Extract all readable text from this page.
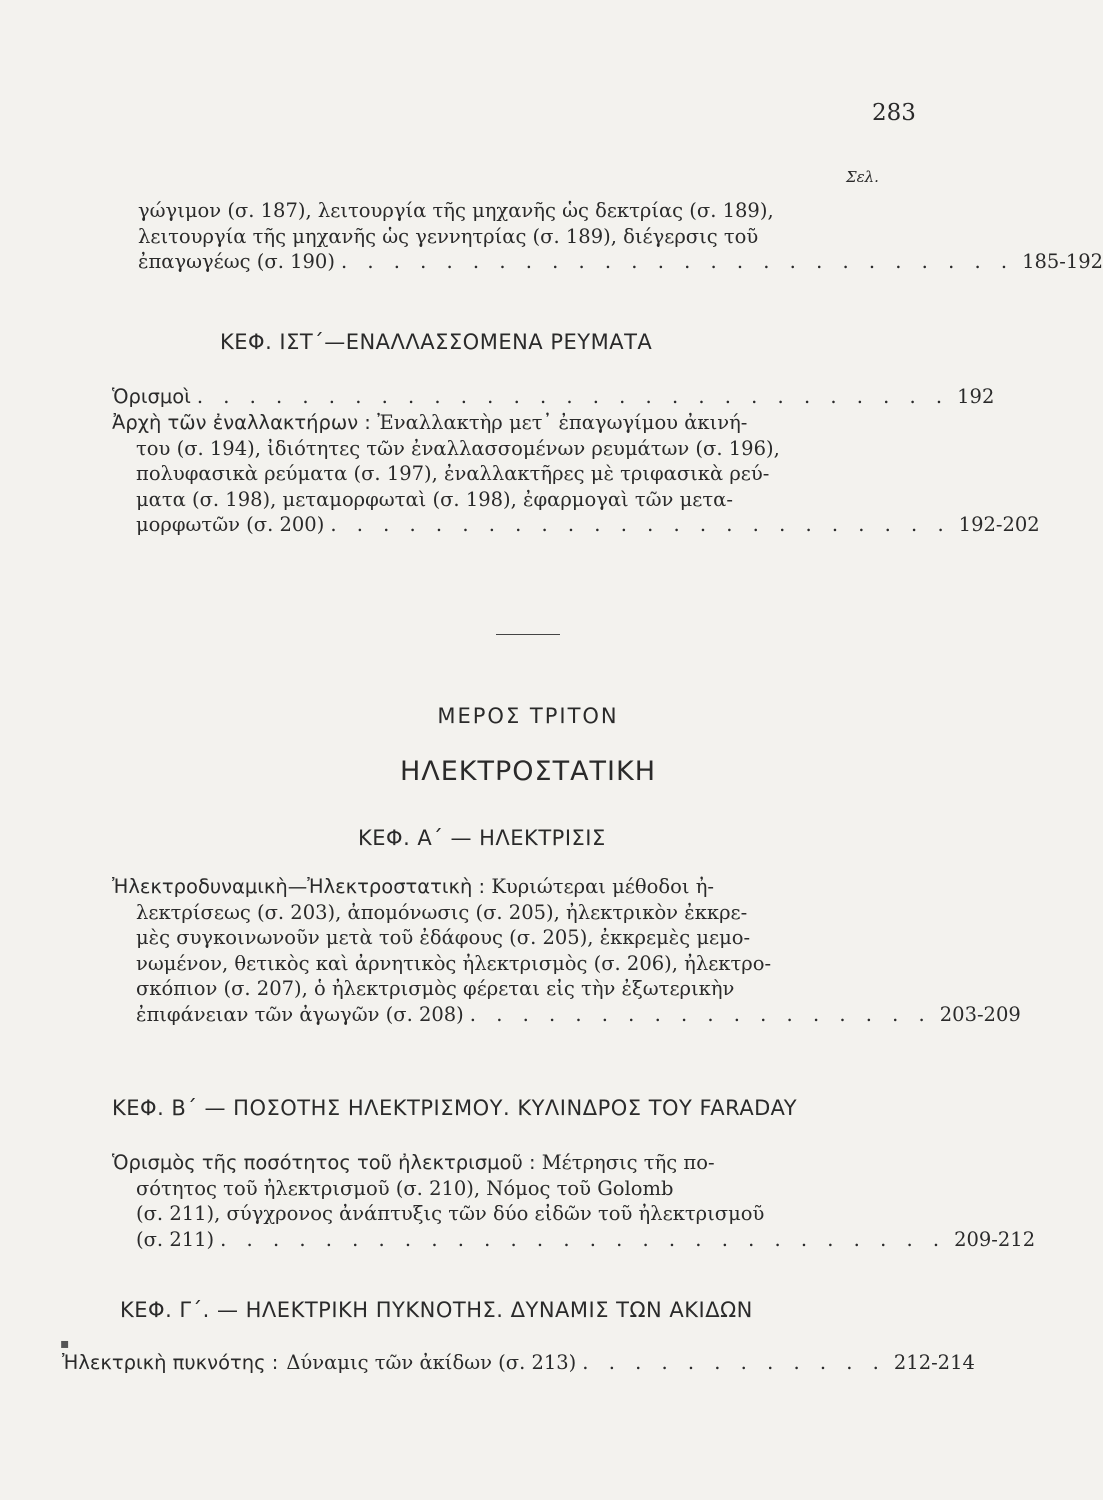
283
Σελ.
γώγιμον (σ. 187), λειτουργία τῆς μηχανῆς ὡς δεκτρίας (σ. 189),
λειτουργία τῆς μηχανῆς ὡς γεννητρίας (σ. 189), διέγερσις τοῦ
ἐπαγωγέως (σ. 190) . . . . . . . . . . . . . . . . . . . . . . . . . . 185-192
ΚΕΦ. ΙΣΤ΄—ΕΝΑΛΛΑΣΣΟΜΕΝΑ ΡΕΥΜΑΤΑ
Ὁρισμοὶ . . . . . . . . . . . . . . . . . . . . . . . . . . . . . 192
Ἀρχὴ τῶν ἐναλλακτήρων : Ἐναλλακτὴρ μετ᾽ ἐπαγωγίμου ἀκινή-
του (σ. 194), ἰδιότητες τῶν ἐναλλασσομένων ρευμάτων (σ. 196),
πολυφασικὰ ρεύματα (σ. 197), ἐναλλακτῆρες μὲ τριφασικὰ ρεύ-
ματα (σ. 198), μεταμορφωταὶ (σ. 198), ἐφαρμογαὶ τῶν μετα-
μορφωτῶν (σ. 200) . . . . . . . . . . . . . . . . . . . . . . . . 192-202
ΜΕΡΟΣ ΤΡΙΤΟΝ
ΗΛΕΚΤΡΟΣΤΑΤΙΚΗ
ΚΕΦ. Α΄ — ΗΛΕΚΤΡΙΣΙΣ
Ἠλεκτροδυναμικὴ—Ἠλεκτροστατικὴ : Κυριώτεραι μέθοδοι ἠ-
λεκτρίσεως (σ. 203), ἀπομόνωσις (σ. 205), ἠλεκτρικὸν ἐκκρε-
μὲς συγκοινωνοῦν μετὰ τοῦ ἐδάφους (σ. 205), ἐκκρεμὲς μεμο-
νωμένον, θετικὸς καὶ ἀρνητικὸς ἠλεκτρισμὸς (σ. 206), ἠλεκτρο-
σκόπιον (σ. 207), ὁ ἠλεκτρισμὸς φέρεται εἰς τὴν ἐξωτερικὴν
ἐπιφάνειαν τῶν ἀγωγῶν (σ. 208) . . . . . . . . . . . . . . . . . . 203-209
ΚΕΦ. Β΄ — ΠΟΣΟΤΗΣ ΗΛΕΚΤΡΙΣΜΟΥ. ΚΥΛΙΝΔΡΟΣ ΤΟΥ FARADAY
Ὁρισμὸς τῆς ποσότητος τοῦ ἠλεκτρισμοῦ : Μέτρησις τῆς πο-
σότητος τοῦ ἠλεκτρισμοῦ (σ. 210), Νόμος τοῦ Golomb
(σ. 211), σύγχρονος ἀνάπτυξις τῶν δύο εἰδῶν τοῦ ἠλεκτρισμοῦ
(σ. 211) . . . . . . . . . . . . . . . . . . . . . . . . . . . . 209-212
ΚΕΦ. Γ΄. — ΗΛΕΚΤΡΙΚΗ ΠΥΚΝΟΤΗΣ. ΔΥΝΑΜΙΣ ΤΩΝ ΑΚΙΔΩΝ
▪
Ἠλεκτρικὴ πυκνότης : Δύναμις τῶν ἀκίδων (σ. 213) . . . . . . . . . . . . 212-214
